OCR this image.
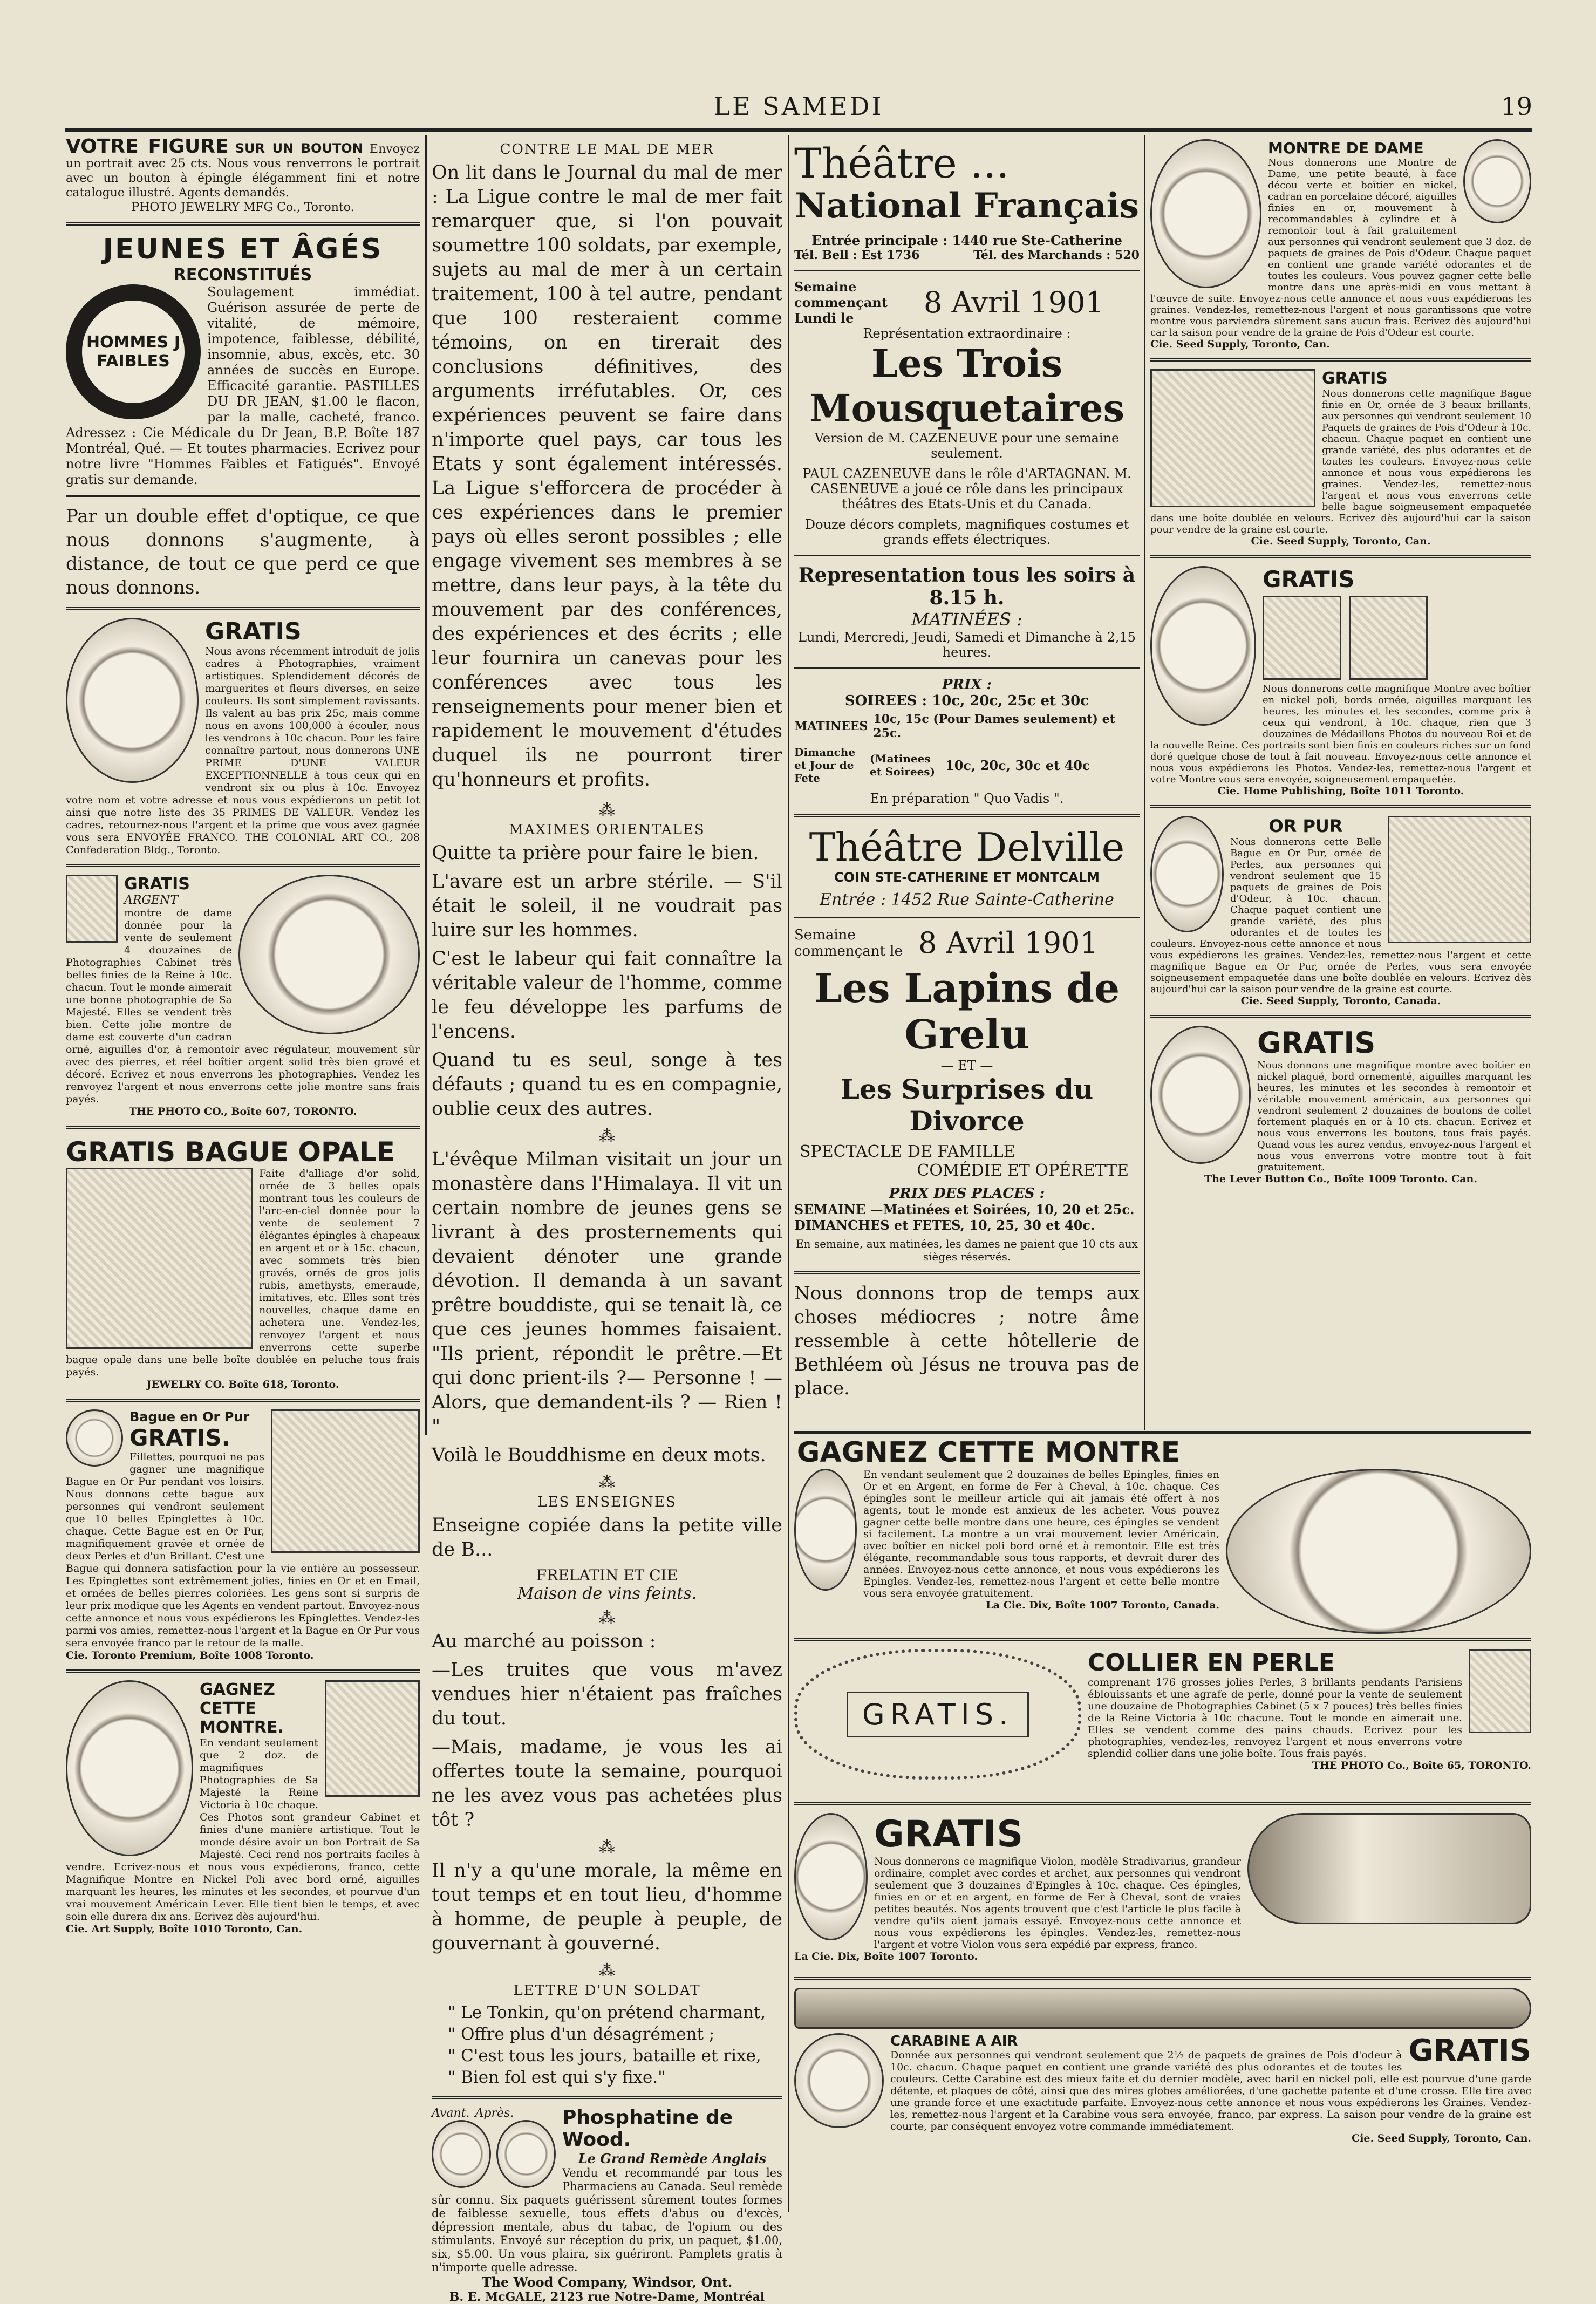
LE SAMEDI	19
VOTRE FIGURE SUR UN BOUTON Envoyez un portrait avec 25 cts. Nous vous renverrons le portrait avec un bouton à épingle élégamment fini et notre catalogue illustré. Agents demandés.
PHOTO JEWELRY MFG Co., Toronto.
JEUNES ET ÂGÉS
RECONSTITUÉS
HOMMES J FAIBLES
Soulagement immédiat. Guérison assurée de perte de vitalité, de mémoire, impotence, faiblesse, débilité, insomnie, abus, excès, etc. 30 années de succès en Europe. Efficacité garantie. PASTILLES DU DR JEAN, $1.00 le flacon, par la malle, cacheté, franco. Adressez : Cie Médicale du Dr Jean, B.P. Boîte 187 Montréal, Qué. — Et toutes pharmacies. Ecrivez pour notre livre "Hommes Faibles et Fatigués". Envoyé gratis sur demande.
Par un double effet d'optique, ce que nous donnons s'augmente, à distance, de tout ce que perd ce que nous donnons.
GRATIS
Nous avons récemment introduit de jolis cadres à Photographies, vraiment artistiques. Splendidement décorés de marguerites et fleurs diverses, en seize couleurs. Ils sont simplement ravissants. Ils valent au bas prix 25c, mais comme nous en avons 100,000 à écouler, nous les vendrons à 10c chacun. Pour les faire connaître partout, nous donnerons UNE PRIME D'UNE VALEUR EXCEPTIONNELLE à tous ceux qui en vendront six ou plus à 10c. Envoyez votre nom et votre adresse et nous vous expédierons un petit lot ainsi que notre liste des 35 PRIMES DE VALEUR. Vendez les cadres, retournez-nous l'argent et la prime que vous avez gagnée vous sera ENVOYÉE FRANCO. THE COLONIAL ART CO., 208 Confederation Bldg., Toronto.
GRATIS
ARGENT
montre de dame donnée pour la vente de seulement 4 douzaines de Photographies Cabinet très belles finies de la Reine à 10c. chacun. Tout le monde aimerait une bonne photographie de Sa Majesté. Elles se vendent très bien. Cette jolie montre de dame est couverte d'un cadran orné, aiguilles d'or, à remontoir avec régulateur, mouvement sûr avec des pierres, et réel boîtier argent solid très bien gravé et décoré. Ecrivez et nous enverrons les photographies. Vendez les renvoyez l'argent et nous enverrons cette jolie montre sans frais payés.
THE PHOTO CO., Boîte 607, TORONTO.
GRATIS BAGUE OPALE
Faite d'alliage d'or solid, ornée de 3 belles opals montrant tous les couleurs de l'arc-en-ciel donnée pour la vente de seulement 7 élégantes épingles à chapeaux en argent et or à 15c. chacun, avec sommets très bien gravés, ornés de gros jolis rubis, amethysts, emeraude, imitatives, etc. Elles sont très nouvelles, chaque dame en achetera une. Vendez-les, renvoyez l'argent et nous enverrons cette superbe bague opale dans une belle boîte doublée en peluche tous frais payés.
JEWELRY CO. Boîte 618, Toronto.
Bague en Or Pur
GRATIS.
Fillettes, pourquoi ne pas gagner une magnifique Bague en Or Pur pendant vos loisirs. Nous donnons cette bague aux personnes qui vendront seulement que 10 belles Epinglettes à 10c. chaque. Cette Bague est en Or Pur, magnifiquement gravée et ornée de deux Perles et d'un Brillant. C'est une Bague qui donnera satisfaction pour la vie entière au possesseur. Les Epinglettes sont extrêmement jolies, finies en Or et en Email, et ornées de belles pierres coloriées. Les gens sont si surpris de leur prix modique que les Agents en vendent partout. Envoyez-nous cette annonce et nous vous expédierons les Epinglettes. Vendez-les parmi vos amies, remettez-nous l'argent et la Bague en Or Pur vous sera envoyée franco par le retour de la malle.
Cie. Toronto Premium, Boîte 1008 Toronto.
GAGNEZ CETTE MONTRE.
En vendant seulement que 2 doz. de magnifiques Photographies de Sa Majesté la Reine Victoria à 10c chaque. Ces Photos sont grandeur Cabinet et finies d'une manière artistique. Tout le monde désire avoir un bon Portrait de Sa Majesté. Ceci rend nos portraits faciles à vendre. Ecrivez-nous et nous vous expédierons, franco, cette Magnifique Montre en Nickel Poli avec bord orné, aiguilles marquant les heures, les minutes et les secondes, et pourvue d'un vrai mouvement Américain Lever. Elle tient bien le temps, et avec soin elle durera dix ans. Ecrivez dès aujourd'hui.
Cie. Art Supply, Boîte 1010 Toronto, Can.
CONTRE LE MAL DE MER
On lit dans le Journal du mal de mer : La Ligue contre le mal de mer fait remarquer que, si l'on pouvait soumettre 100 soldats, par exemple, sujets au mal de mer à un certain traitement, 100 à tel autre, pendant que 100 resteraient comme témoins, on en tirerait des conclusions définitives, des arguments irréfutables. Or, ces expériences peuvent se faire dans n'importe quel pays, car tous les Etats y sont également intéressés. La Ligue s'efforcera de procéder à ces expériences dans le premier pays où elles seront possibles ; elle engage vivement ses membres à se mettre, dans leur pays, à la tête du mouvement par des conférences, des expériences et des écrits ; elle leur fournira un canevas pour les conférences avec tous les renseignements pour mener bien et rapidement le mouvement d'études duquel ils ne pourront tirer qu'honneurs et profits.
⁂
MAXIMES ORIENTALES

Quitte ta prière pour faire le bien.

L'avare est un arbre stérile. — S'il était le soleil, il ne voudrait pas luire sur les hommes.

C'est le labeur qui fait connaître la véritable valeur de l'homme, comme le feu développe les parfums de l'encens.

Quand tu es seul, songe à tes défauts ; quand tu es en compagnie, oublie ceux des autres.

⁂

L'évêque Milman visitait un jour un monastère dans l'Himalaya. Il vit un certain nombre de jeunes gens se livrant à des prosternements qui devaient dénoter une grande dévotion. Il demanda à un savant prêtre bouddiste, qui se tenait là, ce que ces jeunes hommes faisaient. "Ils prient, répondit le prêtre.—Et qui donc prient-ils ?— Personne ! — Alors, que demandent-ils ? — Rien ! "

Voilà le Bouddhisme en deux mots.

⁂
LES ENSEIGNES

Enseigne copiée dans la petite ville de B...

FRELATIN ET CIE
Maison de vins feints.
⁂

Au marché au poisson :

—Les truites que vous m'avez vendues hier n'étaient pas fraîches du tout.

—Mais, madame, je vous les ai offertes toute la semaine, pourquoi ne les avez vous pas achetées plus tôt ?

⁂

Il n'y a qu'une morale, la même en tout temps et en tout lieu, d'homme à homme, de peuple à peuple, de gouvernant à gouverné.

⁂
LETTRE D'UN SOLDAT
" Le Tonkin, qu'on prétend charmant,
" Offre plus d'un désagrément ;
" C'est tous les jours, bataille et rixe,
" Bien fol est qui s'y fixe."
Avant. Après.	Phosphatine de Wood.
Le Grand Remède Anglais
Vendu et recommandé par tous les Pharmaciens au Canada. Seul remède sûr connu. Six paquets guérissent sûrement toutes formes de faiblesse sexuelle, tous effets d'abus ou d'excès, dépression mentale, abus du tabac, de l'opium ou des stimulants. Envoyé sur réception du prix, un paquet, $1.00, six, $5.00. Un vous plaira, six guériront. Pamplets gratis à n'importe quelle adresse.
The Wood Company, Windsor, Ont.
B. E. McGALE, 2123 rue Notre-Dame, Montréal
Théâtre ...
National Français
Entrée principale : 1440 rue Ste-Catherine
Tél. Bell : Est 1736	Tél. des Marchands : 520
Semaine commençant Lundi le	8 Avril 1901
Représentation extraordinaire :
Les Trois Mousquetaires
Version de M. CAZENEUVE pour une semaine seulement.
PAUL CAZENEUVE dans le rôle d'ARTAGNAN. M. CASENEUVE a joué ce rôle dans les principaux théâtres des Etats-Unis et du Canada.
Douze décors complets, magnifiques costumes et grands effets électriques.
Representation tous les soirs à 8.15 h.
MATINÉES :
Lundi, Mercredi, Jeudi, Samedi et Dimanche à 2,15 heures.
PRIX :
SOIREES : 10c, 20c, 25c et 30c
MATINEES 10c, 15c (Pour Dames seulement) et 25c.
Dimanche et Jour de Fete
(Matinees et Soirees) 10c, 20c, 30c et 40c
En préparation " Quo Vadis ".
Théâtre Delville
COIN STE-CATHERINE ET MONTCALM
Entrée : 1452 Rue Sainte-Catherine
Semaine commençant le 8 Avril 1901
Les Lapins de Grelu
— ET —
Les Surprises du Divorce
SPECTACLE DE FAMILLE
COMÉDIE ET OPÉRETTE
PRIX DES PLACES :
SEMAINE —Matinées et Soirées, 10, 20 et 25c.
DIMANCHES et FETES, 10, 25, 30 et 40c.
En semaine, aux matinées, les dames ne paient que 10 cts aux sièges réservés.
Nous donnons trop de temps aux choses médiocres ; notre âme ressemble à cette hôtellerie de Bethléem où Jésus ne trouva pas de place.
MONTRE DE DAME
Nous donnerons une Montre de Dame, une petite beauté, à face décou verte et boîtier en nickel, cadran en porcelaine décoré, aiguilles finies en or, mouvement à recommandables à cylindre et à remontoir tout à fait gratuitement aux personnes qui vendront seulement que 3 doz. de paquets de graines de Pois d'Odeur. Chaque paquet en contient une grande variété odorantes et de toutes les couleurs. Vous pouvez gagner cette belle montre dans une après-midi en vous mettant à l'œuvre de suite. Envoyez-nous cette annonce et nous vous expédierons les graines. Vendez-les, remettez-nous l'argent et nous garantissons que votre montre vous parviendra sûrement sans aucun frais. Ecrivez dès aujourd'hui car la saison pour vendre de la graine de Pois d'Odeur est courte.
Cie. Seed Supply, Toronto, Can.
GRATIS
Nous donnerons cette magnifique Bague finie en Or, ornée de 3 beaux brillants, aux personnes qui vendront seulement 10 Paquets de graines de Pois d'Odeur à 10c. chacun. Chaque paquet en contient une grande variété, des plus odorantes et de toutes les couleurs. Envoyez-nous cette annonce et nous vous expédierons les graines. Vendez-les, remettez-nous l'argent et nous vous enverrons cette belle bague soigneusement empaquetée dans une boîte doublée en velours. Ecrivez dès aujourd'hui car la saison pour vendre de la graine est courte.
Cie. Seed Supply, Toronto, Can.
GRATIS
Nous donnerons cette magnifique Montre avec boîtier en nickel poli, bords ornée, aiguilles marquant les heures, les minutes et les secondes, comme prix à ceux qui vendront, à 10c. chaque, rien que 3 douzaines de Médaillons Photos du nouveau Roi et de la nouvelle Reine. Ces portraits sont bien finis en couleurs riches sur un fond doré quelque chose de tout à fait nouveau. Envoyez-nous cette annonce et nous vous expédierons les Photos. Vendez-les, remettez-nous l'argent et votre Montre vous sera envoyée, soigneusement empaquetée.
Cie. Home Publishing, Boîte 1011 Toronto.
OR PUR
Nous donnerons cette Belle Bague en Or Pur, ornée de Perles, aux personnes qui vendront seulement que 15 paquets de graines de Pois d'Odeur, à 10c. chacun. Chaque paquet contient une grande variété, des plus odorantes et de toutes les couleurs. Envoyez-nous cette annonce et nous vous expédierons les graines. Vendez-les, remettez-nous l'argent et cette magnifique Bague en Or Pur, ornée de Perles, vous sera envoyée soigneusement empaquetée dans une boîte doublée en velours. Ecrivez dès aujourd'hui car la saison pour vendre de la graine est courte.
Cie. Seed Supply, Toronto, Canada.
GRATIS
Nous donnons une magnifique montre avec boîtier en nickel plaqué, bord ornementé, aiguilles marquant les heures, les minutes et les secondes à remontoir et véritable mouvement américain, aux personnes qui vendront seulement 2 douzaines de boutons de collet fortement plaqués en or à 10 cts. chacun. Ecrivez et nous vous enverrons les boutons, tous frais payés. Quand vous les aurez vendus, envoyez-nous l'argent et nous vous enverrons votre montre tout à fait gratuitement.
The Lever Button Co., Boîte 1009 Toronto. Can.
GAGNEZ CETTE MONTRE
En vendant seulement que 2 douzaines de belles Epingles, finies en Or et en Argent, en forme de Fer à Cheval, à 10c. chaque. Ces épingles sont le meilleur article qui ait jamais été offert à nos agents, tout le monde est anxieux de les acheter. Vous pouvez gagner cette belle montre dans une heure, ces épingles se vendent si facilement. La montre a un vrai mouvement levier Américain, avec boîtier en nickel poli bord orné et à remontoir. Elle est très élégante, recommandable sous tous rapports, et devrait durer des années. Envoyez-nous cette annonce, et nous vous expédierons les Epingles. Vendez-les, remettez-nous l'argent et cette belle montre vous sera envoyée gratuitement.
La Cie. Dix, Boîte 1007 Toronto, Canada.
GRATIS.
COLLIER EN PERLE
comprenant 176 grosses jolies Perles, 3 brillants pendants Parisiens éblouissants et une agrafe de perle, donné pour la vente de seulement une douzaine de Photographies Cabinet (5 x 7 pouces) très belles finies de la Reine Victoria à 10c chacune. Tout le monde en aimerait une. Elles se vendent comme des pains chauds. Ecrivez pour les photographies, vendez-les, renvoyez l'argent et nous enverrons votre splendid collier dans une jolie boîte. Tous frais payés.
THE PHOTO Co., Boîte 65, TORONTO.
GRATIS
Nous donnerons ce magnifique Violon, modèle Stradivarius, grandeur ordinaire, complet avec cordes et archet, aux personnes qui vendront seulement que 3 douzaines d'Epingles à 10c. chaque. Ces épingles, finies en or et en argent, en forme de Fer à Cheval, sont de vraies petites beautés. Nos agents trouvent que c'est l'article le plus facile à vendre qu'ils aient jamais essayé. Envoyez-nous cette annonce et nous vous expédierons les épingles. Vendez-les, remettez-nous l'argent et votre Violon vous sera expédié par express, franco.
La Cie. Dix, Boîte 1007 Toronto.
GRATIS
CARABINE A AIR
Donnée aux personnes qui vendront seulement que 2½ de paquets de graines de Pois d'odeur à 10c. chacun. Chaque paquet en contient une grande variété des plus odorantes et de toutes les couleurs. Cette Carabine est des mieux faite et du dernier modèle, avec baril en nickel poli, elle est pourvue d'une garde détente, et plaques de côté, ainsi que des mires globes améliorées, d'une gachette patente et d'une crosse. Elle tire avec une grande force et une exactitude parfaite. Envoyez-nous cette annonce et nous vous expédierons les Graines. Vendez-les, remettez-nous l'argent et la Carabine vous sera envoyée, franco, par express. La saison pour vendre de la graine est courte, par conséquent envoyez votre commande immédiatement.
Cie. Seed Supply, Toronto, Can.
